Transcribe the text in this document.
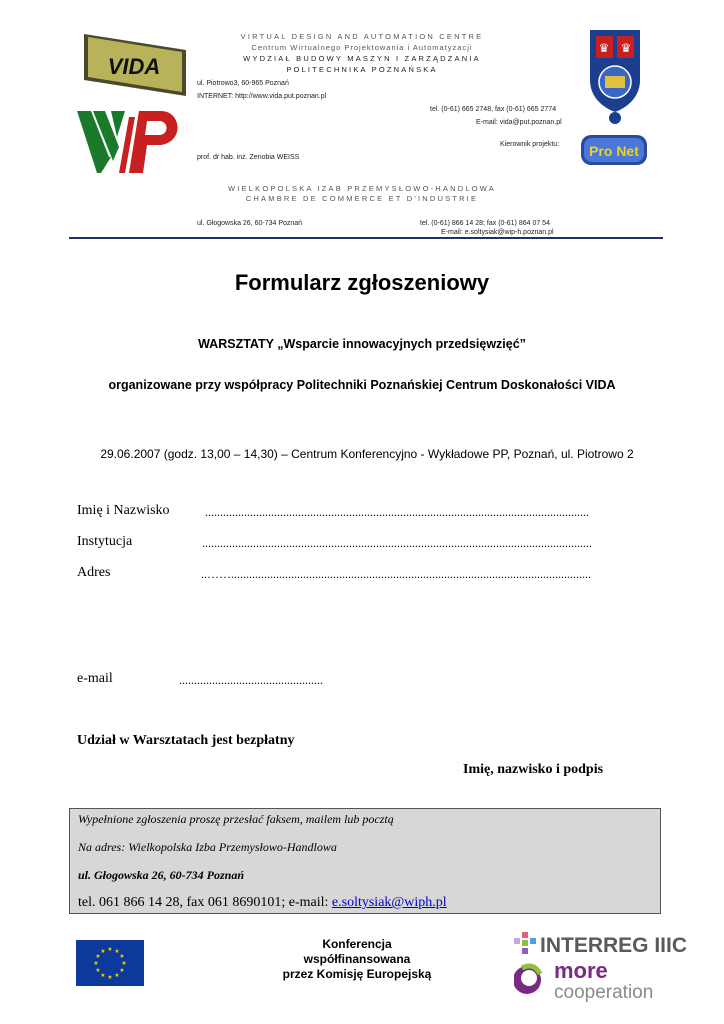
VIRTUAL DESIGN AND AUTOMATION CENTRE
Centrum Wirtualnego Projektowania i Automatyzacji
WYDZIAŁ BUDOWY MASZYN I ZARZĄDZANIA
POLITECHNIKA POZNAŃSKA
ul. Piotrowo3, 60-965 Poznań
INTERNET: http://www.vida.put.poznan.pl
tel. (0-61) 665 2748, fax (0-61) 665 2774
E-mail: vida@put.poznan.pl
Kierownik projektu:
prof. dr hab. inż. Zenobia WEISS
WIELKOPOLSKA IZAB PRZEMYSŁOWO-HANDLOWA
CHAMBRE DE COMMERCE ET D'INDUSTRIE
ul. Głogowska 26, 60-734 Poznań	tel. (0-61) 866 14 28; fax (0-61) 864 07 54
E-mail: e.soltysiak@wip-h.poznan.pl
VIDA
♛ ♛
Pro Net
Formularz zgłoszeniowy
WARSZTATY „Wsparcie innowacyjnych przedsięwzięć”
organizowane przy współpracy Politechniki Poznańskiej Centrum Doskonałości VIDA
29.06.2007 (godz. 13,00 – 14,30) – Centrum Konferencyjno - Wykładowe PP, Poznań, ul. Piotrowo 2
Imię i Nazwisko	................................................................................................................................
Instytucja	..................................................................................................................................
Adres	..……........................................................................................................................
e-mail	................................................
Udział w Warsztatach jest bezpłatny
Imię, nazwisko i podpis
Wypełnione zgłoszenia proszę przesłać faksem, mailem lub pocztą
Na adres: Wielkopolska Izba Przemysłowo-Handlowa
ul. Głogowska 26, 60-734 Poznań
tel. 061 866 14 28, fax 061 8690101; e-mail: e.soltysiak@wiph.pl
★ ★
★
★
★
★
★
★
★
★
★
★
Konferencja
współfinansowana
przez Komisję Europejską
INTERREG IIIC
more
cooperation
